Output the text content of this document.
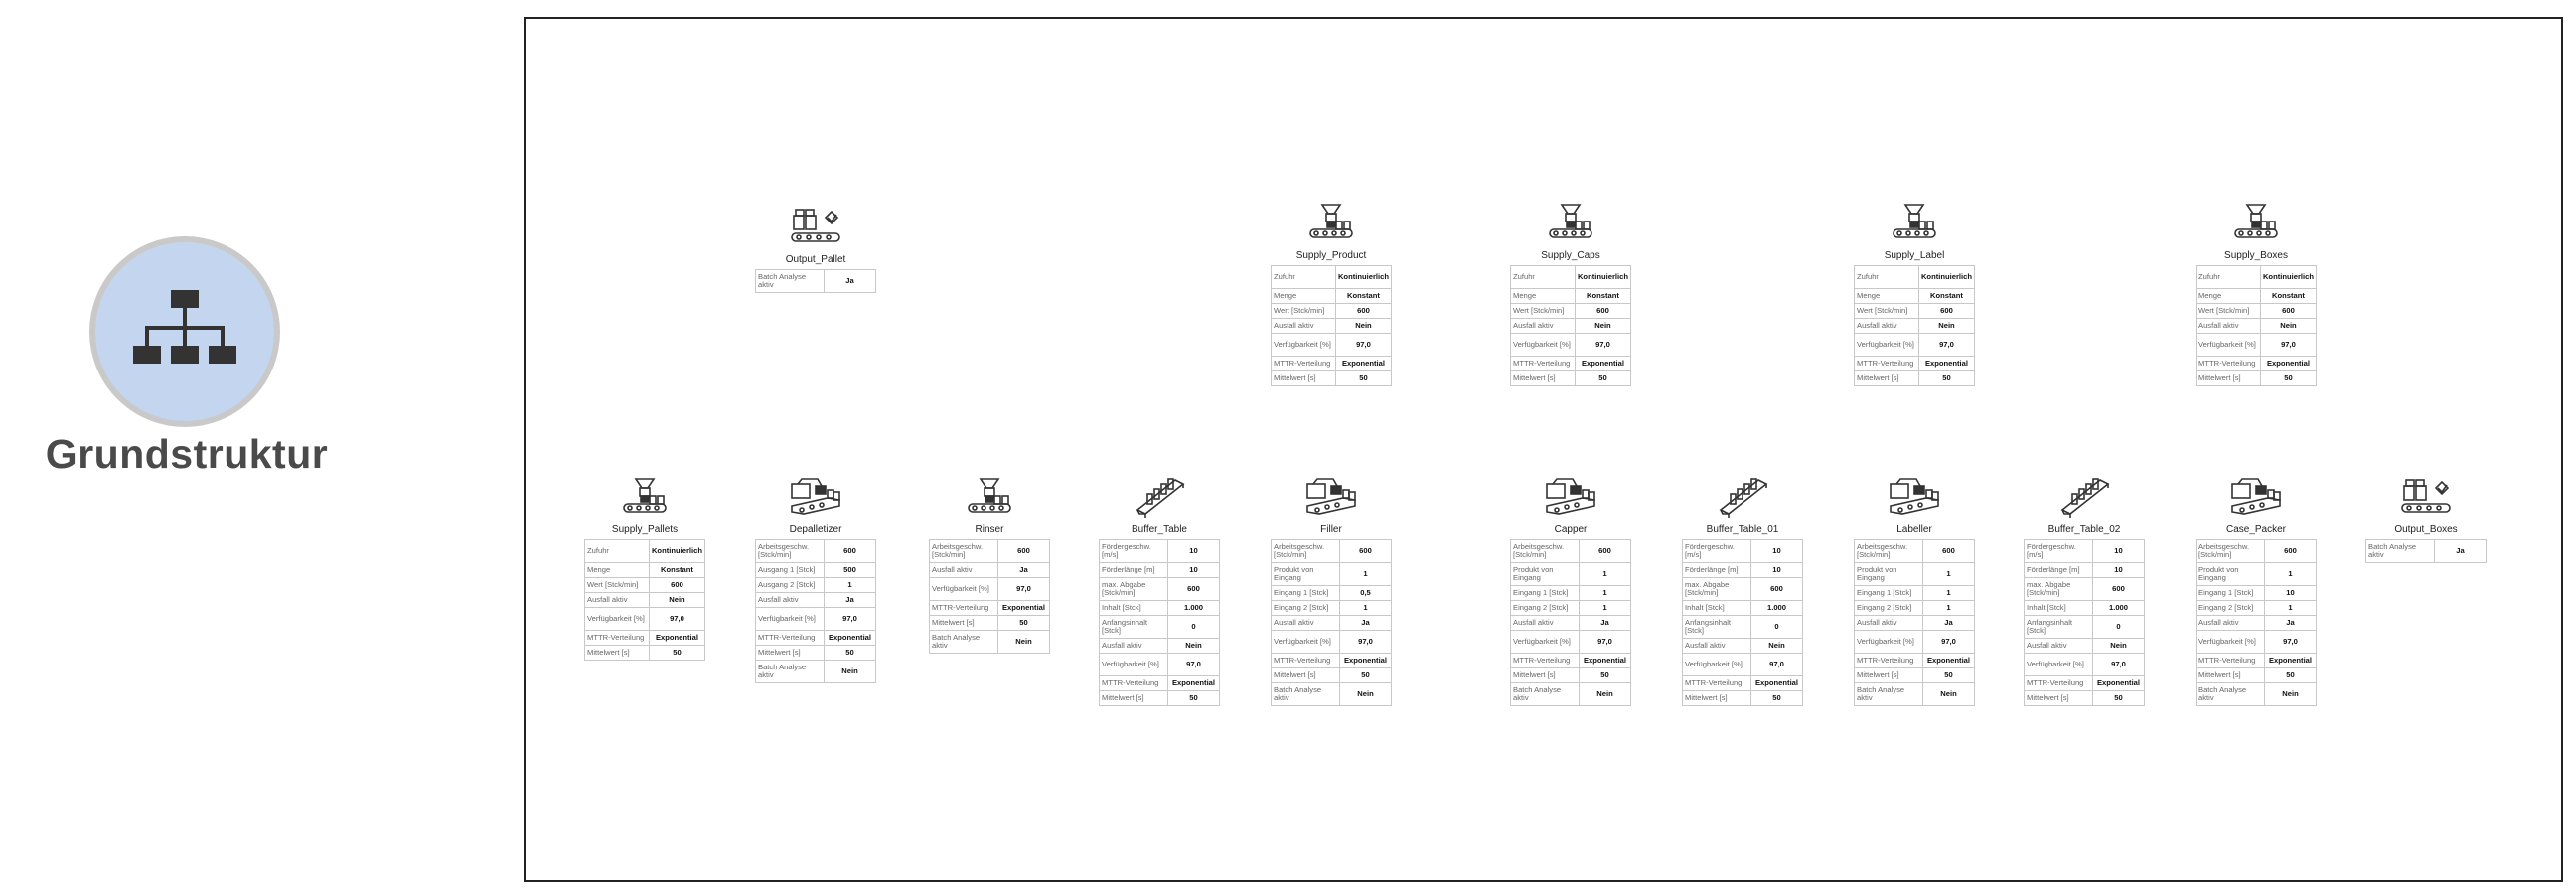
Grundstruktur
Output_Pallet
Batch Analyse aktiv	Ja
Supply_Product
Zufuhr	Kontinuierlich
Menge	Konstant
Wert [Stck/min]	600
Ausfall aktiv	Nein
Verfügbarkeit [%]	97,0
MTTR-Verteilung	Exponential
Mittelwert [s]	50
Supply_Caps
Zufuhr	Kontinuierlich
Menge	Konstant
Wert [Stck/min]	600
Ausfall aktiv	Nein
Verfügbarkeit [%]	97,0
MTTR-Verteilung	Exponential
Mittelwert [s]	50
Supply_Label
Zufuhr	Kontinuierlich
Menge	Konstant
Wert [Stck/min]	600
Ausfall aktiv	Nein
Verfügbarkeit [%]	97,0
MTTR-Verteilung	Exponential
Mittelwert [s]	50
Supply_Boxes
Zufuhr	Kontinuierlich
Menge	Konstant
Wert [Stck/min]	600
Ausfall aktiv	Nein
Verfügbarkeit [%]	97,0
MTTR-Verteilung	Exponential
Mittelwert [s]	50
Supply_Pallets
Zufuhr	Kontinuierlich
Menge	Konstant
Wert [Stck/min]	600
Ausfall aktiv	Nein
Verfügbarkeit [%]	97,0
MTTR-Verteilung	Exponential
Mittelwert [s]	50
Depalletizer
Arbeitsgeschw. [Stck/min]	600
Ausgang 1 [Stck]	500
Ausgang 2 [Stck]	1
Ausfall aktiv	Ja
Verfügbarkeit [%]	97,0
MTTR-Verteilung	Exponential
Mittelwert [s]	50
Batch Analyse aktiv	Nein
Rinser
Arbeitsgeschw. [Stck/min]	600
Ausfall aktiv	Ja
Verfügbarkeit [%]	97,0
MTTR-Verteilung	Exponential
Mittelwert [s]	50
Batch Analyse aktiv	Nein
Buffer_Table
Fördergeschw. [m/s]	10
Förderlänge [m]	10
max. Abgabe [Stck/min]	600
Inhalt [Stck]	1.000
Anfangsinhalt [Stck]	0
Ausfall aktiv	Nein
Verfügbarkeit [%]	97,0
MTTR-Verteilung	Exponential
Mittelwert [s]	50
Filler
Arbeitsgeschw. [Stck/min]	600
Produkt von Eingang	1
Eingang 1 [Stck]	0,5
Eingang 2 [Stck]	1
Ausfall aktiv	Ja
Verfügbarkeit [%]	97,0
MTTR-Verteilung	Exponential
Mittelwert [s]	50
Batch Analyse aktiv	Nein
Capper
Arbeitsgeschw. [Stck/min]	600
Produkt von Eingang	1
Eingang 1 [Stck]	1
Eingang 2 [Stck]	1
Ausfall aktiv	Ja
Verfügbarkeit [%]	97,0
MTTR-Verteilung	Exponential
Mittelwert [s]	50
Batch Analyse aktiv	Nein
Buffer_Table_01
Fördergeschw. [m/s]	10
Förderlänge [m]	10
max. Abgabe [Stck/min]	600
Inhalt [Stck]	1.000
Anfangsinhalt [Stck]	0
Ausfall aktiv	Nein
Verfügbarkeit [%]	97,0
MTTR-Verteilung	Exponential
Mittelwert [s]	50
Labeller
Arbeitsgeschw. [Stck/min]	600
Produkt von Eingang	1
Eingang 1 [Stck]	1
Eingang 2 [Stck]	1
Ausfall aktiv	Ja
Verfügbarkeit [%]	97,0
MTTR-Verteilung	Exponential
Mittelwert [s]	50
Batch Analyse aktiv	Nein
Buffer_Table_02
Fördergeschw. [m/s]	10
Förderlänge [m]	10
max. Abgabe [Stck/min]	600
Inhalt [Stck]	1.000
Anfangsinhalt [Stck]	0
Ausfall aktiv	Nein
Verfügbarkeit [%]	97,0
MTTR-Verteilung	Exponential
Mittelwert [s]	50
Case_Packer
Arbeitsgeschw. [Stck/min]	600
Produkt von Eingang	1
Eingang 1 [Stck]	10
Eingang 2 [Stck]	1
Ausfall aktiv	Ja
Verfügbarkeit [%]	97,0
MTTR-Verteilung	Exponential
Mittelwert [s]	50
Batch Analyse aktiv	Nein
Output_Boxes
Batch Analyse aktiv	Ja
